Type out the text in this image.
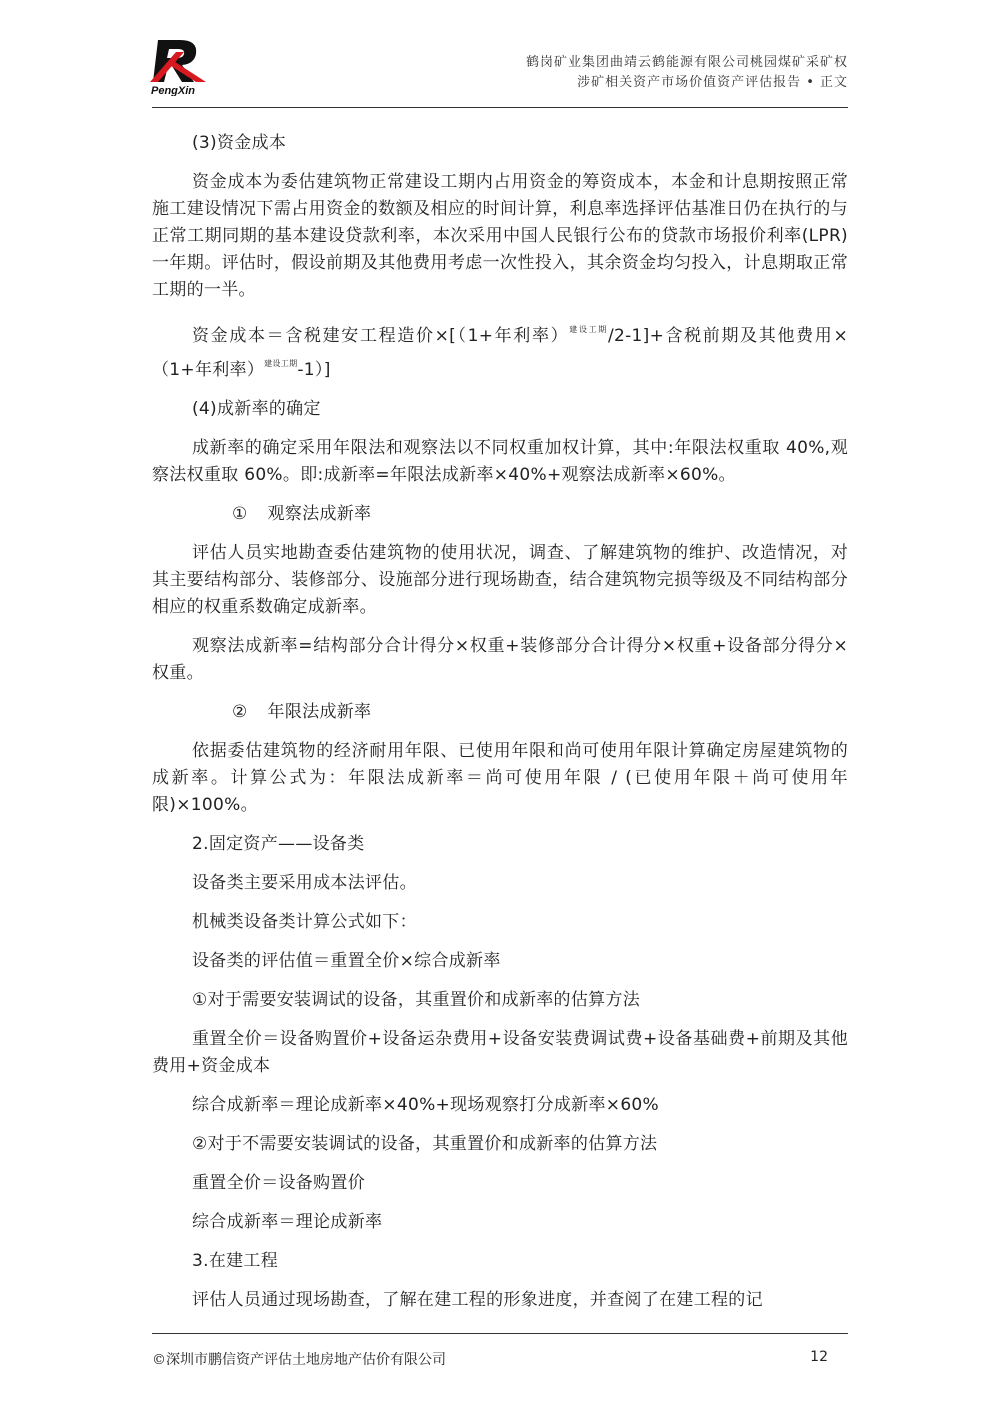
PengXin
鹤岗矿业集团曲靖云鹤能源有限公司桃园煤矿采矿权
涉矿相关资产市场价值资产评估报告 • 正文

(3)资金成本

资金成本为委估建筑物正常建设工期内占用资金的筹资成本，本金和计息期按照正常施工建设情况下需占用资金的数额及相应的时间计算，利息率选择评估基准日仍在执行的与正常工期同期的基本建设贷款利率，本次采用中国人民银行公布的贷款市场报价利率(LPR)一年期。评估时，假设前期及其他费用考虑一次性投入，其余资金均匀投入，计息期取正常工期的一半。

资金成本＝含税建安工程造价×[（1+年利率）$^{建设工期}$/2-1]+含税前期及其他费用×（1+年利率）$^{建设工期}$-1）]

(4)成新率的确定

成新率的确定采用年限法和观察法以不同权重加权计算，其中:年限法权重取 40%,观察法权重取 60%。即:成新率=年限法成新率×40%+观察法成新率×60%。

① 观察法成新率

评估人员实地勘查委估建筑物的使用状况，调查、了解建筑物的维护、改造情况，对其主要结构部分、装修部分、设施部分进行现场勘查，结合建筑物完损等级及不同结构部分相应的权重系数确定成新率。

观察法成新率=结构部分合计得分×权重+装修部分合计得分×权重+设备部分得分×权重。

② 年限法成新率

依据委估建筑物的经济耐用年限、已使用年限和尚可使用年限计算确定房屋建筑物的成新率。计算公式为：年限法成新率＝尚可使用年限 / (已使用年限＋尚可使用年限)×100%。

2.固定资产——设备类

设备类主要采用成本法评估。

机械类设备类计算公式如下：

设备类的评估值＝重置全价×综合成新率

①对于需要安装调试的设备，其重置价和成新率的估算方法

重置全价＝设备购置价+设备运杂费用+设备安装费调试费+设备基础费+前期及其他费用+资金成本

综合成新率＝理论成新率×40%+现场观察打分成新率×60%

②对于不需要安装调试的设备，其重置价和成新率的估算方法

重置全价＝设备购置价

综合成新率＝理论成新率

3.在建工程

评估人员通过现场勘查，了解在建工程的形象进度，并查阅了在建工程的记

©深圳市鹏信资产评估土地房地产估价有限公司	12
